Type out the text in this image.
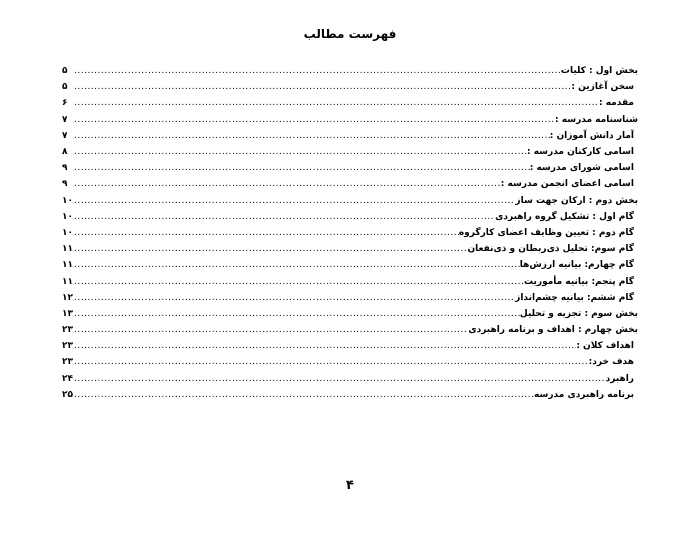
فهرست مطالب
بخش اول : کلیات
.....
۵
سخن آغازین :
.....
۵
مقدمه :
.....
۶
شناسنامه مدرسه :
.....
۷
آمار دانش آموزان :
.....
۷
اسامی کارکنان مدرسه :
.....
۸
اسامی شورای مدرسه :
.....
۹
اسامی اعضای انجمن مدرسه :
.....
۹
بخش دوم : ارکان جهت ساز
.....
۱۰
گام اول : تشکیل گروه راهبردی
.....
۱۰
گام دوم : تعیین وظایف اعضای کارگروه
.....
۱۰
گام سوم: تحلیل ذی‌ربطان و ذی‌نفعان
.....
۱۱
گام چهارم: بیانیه ارزش‌ها
.....
۱۱
گام پنجم: بیانیه مأموریت
.....
۱۱
گام ششم: بیانیه چشم‌انداز
.....
۱۲
بخش سوم : تجزیه و تحلیل
.....
۱۳
بخش چهارم : اهداف و برنامه راهبردی
.....
۲۳
اهداف کلان :
.....
۲۳
هدف خرد:
.....
۲۳
راهبرد
.....
۲۴
برنامه راهبردی مدرسه
.....
۲۵
۴
